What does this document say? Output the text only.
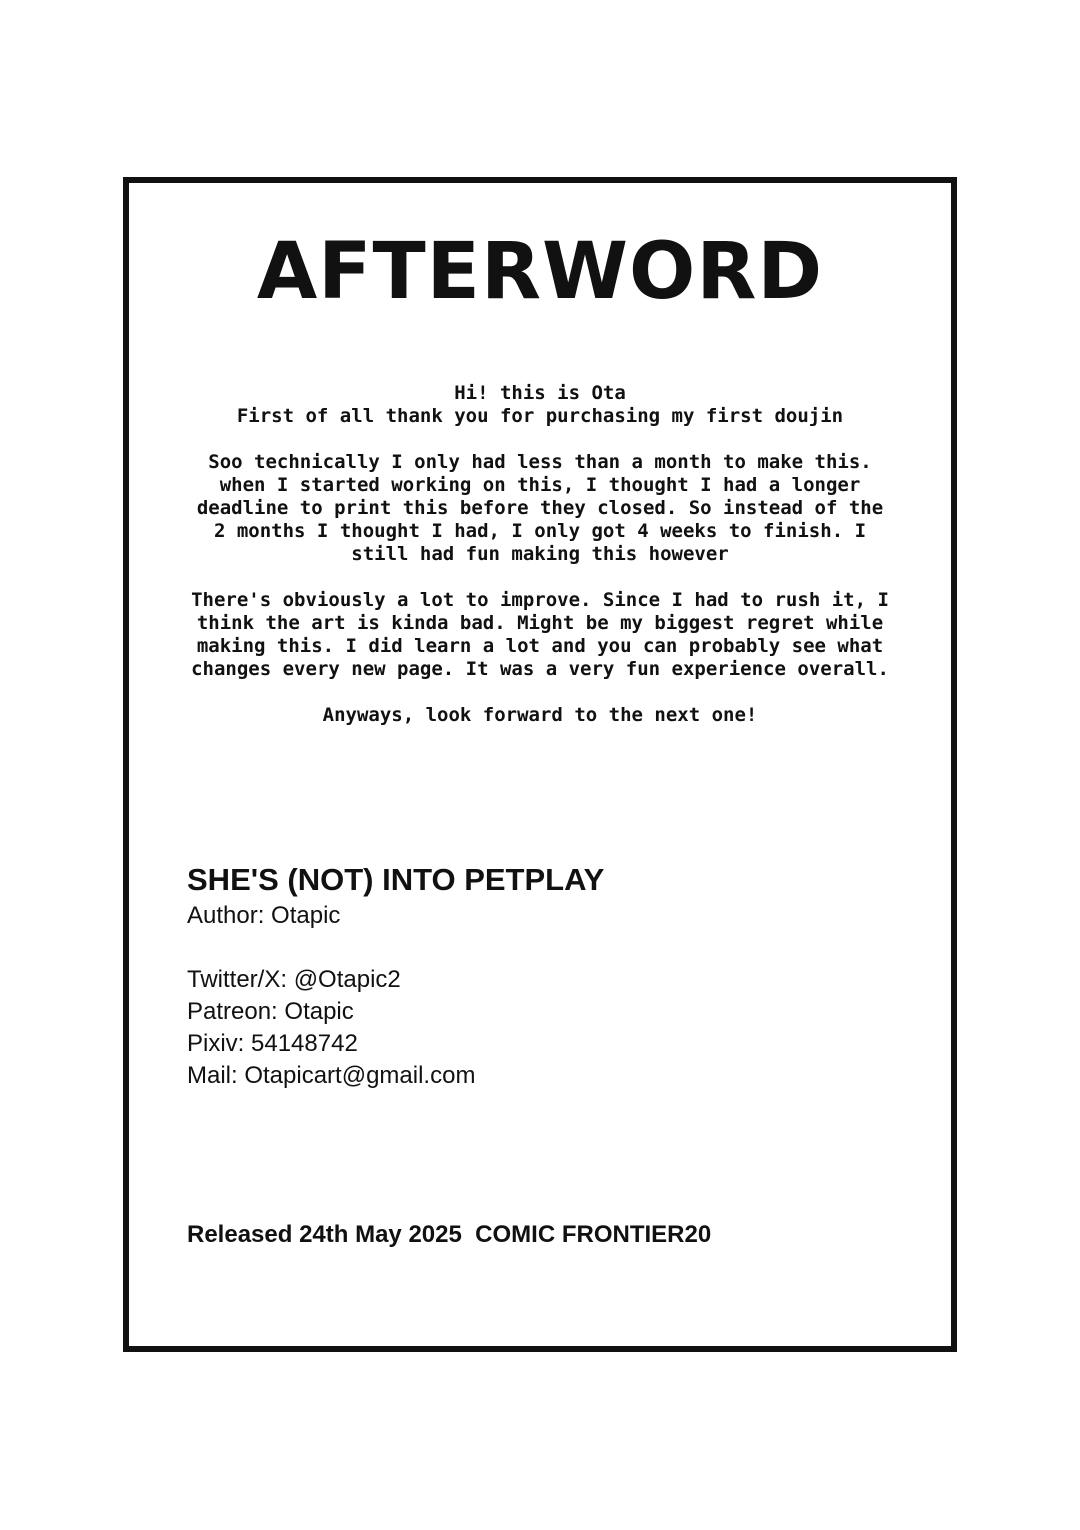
AFTERWORD

Hi! this is Ota
First of all thank you for purchasing my first doujin

Soo technically I only had less than a month to make this.
when I started working on this, I thought I had a longer
deadline to print this before they closed. So instead of the
2 months I thought I had, I only got 4 weeks to finish. I
still had fun making this however

There's obviously a lot to improve. Since I had to rush it, I
think the art is kinda bad. Might be my biggest regret while
making this. I did learn a lot and you can probably see what
changes every new page. It was a very fun experience overall.

Anyways, look forward to the next one!

SHE'S (NOT) INTO PETPLAY
Author: Otapic
Twitter/X: @Otapic2
Patreon: Otapic
Pixiv: 54148742
Mail: Otapicart@gmail.com
Released 24th May 2025  COMIC FRONTIER20
